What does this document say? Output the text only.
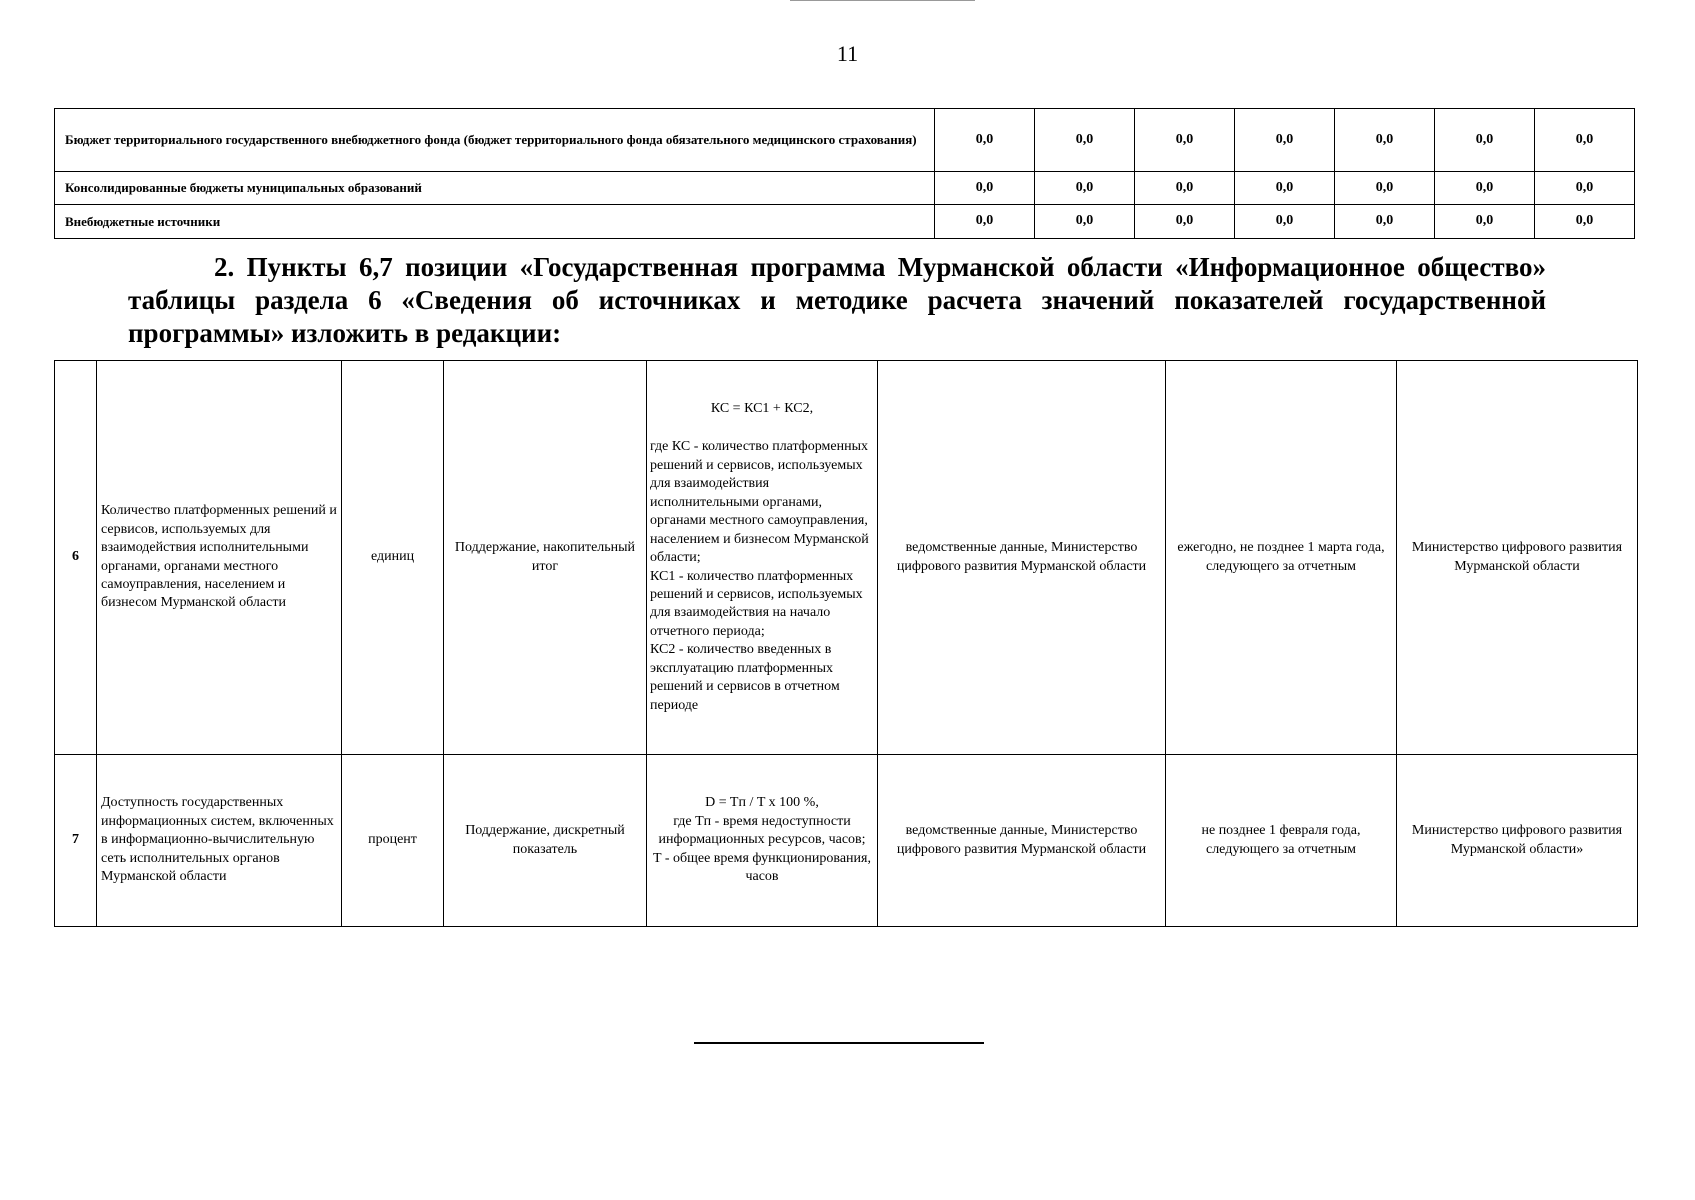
11
Бюджет территориального государственного внебюджетного фонда (бюджет территориального фонда обязательного медицинского страхования)	0,0	0,0	0,0	0,0	0,0	0,0	0,0
Консолидированные бюджеты муниципальных образований	0,0	0,0	0,0	0,0	0,0	0,0	0,0
Внебюджетные источники	0,0	0,0	0,0	0,0	0,0	0,0	0,0

2. Пункты 6,7 позиции «Государственная программа Мурманской области «Информационное общество» таблицы раздела 6 «Сведения об источниках и методике расчета значений показателей государственной программы» изложить в редакции:

6	Количество платформенных решений и сервисов, используемых для взаимодействия исполнительными органами, органами местного самоуправления, населением и бизнесом Мурманской области	единиц	Поддержание, накопительный итог	КС = КС1 + КС2,
где КС - количество платформенных решений и сервисов, используемых для взаимодействия исполнительными органами, органами местного самоуправления, населением и бизнесом Мурманской области;
КС1 - количество платформенных решений и сервисов, используемых для взаимодействия на начало отчетного периода;
КС2 - количество введенных в эксплуатацию платформенных решений и сервисов в отчетном периоде	ведомственные данные, Министерство цифрового развития Мурманской области	ежегодно, не позднее 1 марта года, следующего за отчетным	Министерство цифрового развития Мурманской области
7	Доступность государственных информационных систем, включенных в информационно-вычислительную сеть исполнительных органов Мурманской области	процент	Поддержание, дискретный показатель	D = Tп / T x 100 %,
где Tп - время недоступности информационных ресурсов, часов;
T - общее время функционирования, часов	ведомственные данные, Министерство цифрового развития Мурманской области	не позднее 1 февраля года, следующего за отчетным	Министерство цифрового развития Мурманской области»
